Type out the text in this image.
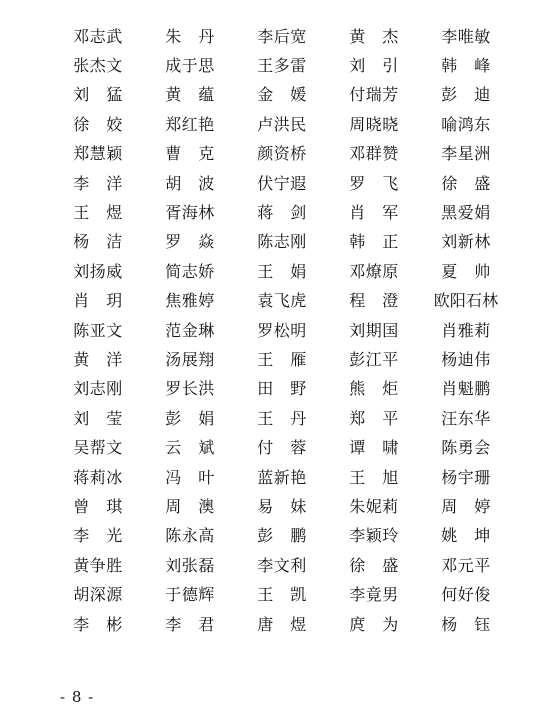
邓志武	朱　丹	李后宽	黄　杰	李唯敏
张杰文	成于思	王多雷	刘　引	韩　峰
刘　猛	黄　蕴	金　媛	付瑞芳	彭　迪
徐　姣	郑红艳	卢洪民	周晓晓	喻鸿东
郑慧颖	曹　克	颜资桥	邓群赞	李星洲
李　洋	胡　波	伏宁遐	罗　飞	徐　盛
王　煜	胥海林	蒋　剑	肖　军	黑爱娟
杨　洁	罗　焱	陈志刚	韩　正	刘新林
刘扬威	简志娇	王　娟	邓燎原	夏　帅
肖　玥	焦雅婷	袁飞虎	程　澄	欧阳石林
陈亚文	范金琳	罗松明	刘期国	肖雅莉
黄　洋	汤展翔	王　雁	彭江平	杨迪伟
刘志刚	罗长洪	田　野	熊　炬	肖魁鹏
刘　莹	彭　娟	王　丹	郑　平	汪东华
吴帮文	云　斌	付　蓉	谭　啸	陈勇会
蒋莉冰	冯　叶	蓝新艳	王　旭	杨宇珊
曾　琪	周　澳	易　妹	朱妮莉	周　婷
李　光	陈永高	彭　鹏	李颖玲	姚　坤
黄争胜	刘张磊	李文利	徐　盛	邓元平
胡深源	于德辉	王　凯	李竟男	何好俊
李　彬	李　君	唐　煜	庹　为	杨　钰
- 8 -
